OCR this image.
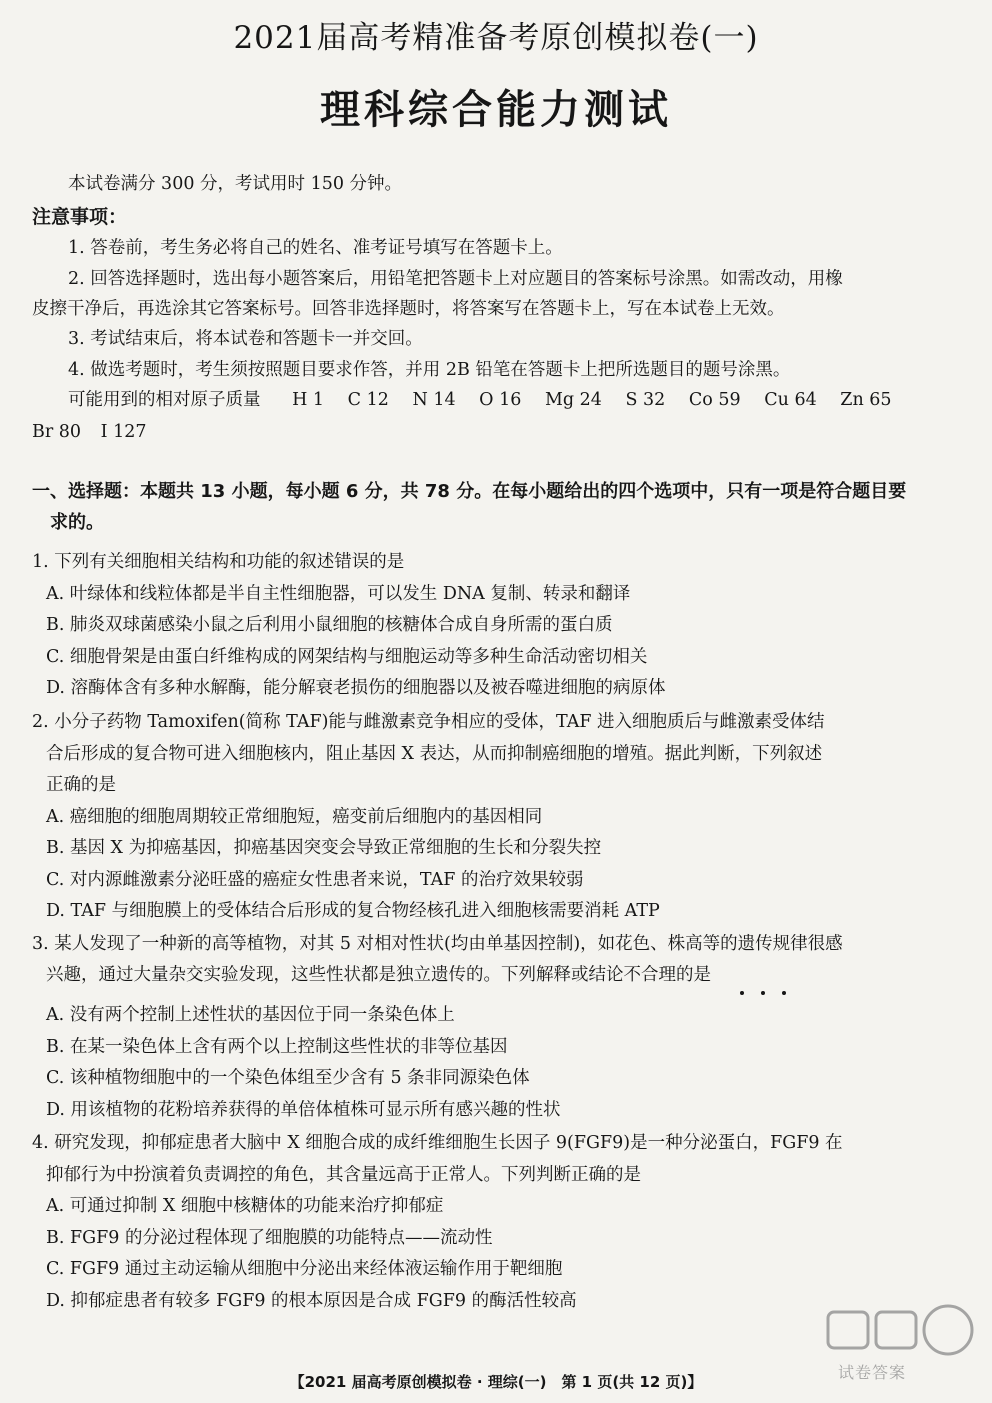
2021届高考精准备考原创模拟卷(一)
理科综合能力测试
本试卷满分 300 分，考试用时 150 分钟。
注意事项：
1. 答卷前，考生务必将自己的姓名、准考证号填写在答题卡上。
2. 回答选择题时，选出每小题答案后，用铅笔把答题卡上对应题目的答案标号涂黑。如需改动，用橡
皮擦干净后，再选涂其它答案标号。回答非选择题时，将答案写在答题卡上，写在本试卷上无效。
3. 考试结束后，将本试卷和答题卡一并交回。
4. 做选考题时，考生须按照题目要求作答，并用 2B 铅笔在答题卡上把所选题目的题号涂黑。
可能用到的相对原子质量 H 1 C 12 N 14 O 16 Mg 24 S 32 Co 59 Cu 64 Zn 65
Br 80 I 127
一、选择题：本题共 13 小题，每小题 6 分，共 78 分。在每小题给出的四个选项中，只有一项是符合题目要
求的。
1. 下列有关细胞相关结构和功能的叙述错误的是
A. 叶绿体和线粒体都是半自主性细胞器，可以发生 DNA 复制、转录和翻译
B. 肺炎双球菌感染小鼠之后利用小鼠细胞的核糖体合成自身所需的蛋白质
C. 细胞骨架是由蛋白纤维构成的网架结构与细胞运动等多种生命活动密切相关
D. 溶酶体含有多种水解酶，能分解衰老损伤的细胞器以及被吞噬进细胞的病原体
2. 小分子药物 Tamoxifen(简称 TAF)能与雌激素竞争相应的受体，TAF 进入细胞质后与雌激素受体结
合后形成的复合物可进入细胞核内，阻止基因 X 表达，从而抑制癌细胞的增殖。据此判断，下列叙述
正确的是
A. 癌细胞的细胞周期较正常细胞短，癌变前后细胞内的基因相同
B. 基因 X 为抑癌基因，抑癌基因突变会导致正常细胞的生长和分裂失控
C. 对内源雌激素分泌旺盛的癌症女性患者来说，TAF 的治疗效果较弱
D. TAF 与细胞膜上的受体结合后形成的复合物经核孔进入细胞核需要消耗 ATP
3. 某人发现了一种新的高等植物，对其 5 对相对性状(均由单基因控制)，如花色、株高等的遗传规律很感
兴趣，通过大量杂交实验发现，这些性状都是独立遗传的。下列解释或结论不合理的是
A. 没有两个控制上述性状的基因位于同一条染色体上
B. 在某一染色体上含有两个以上控制这些性状的非等位基因
C. 该种植物细胞中的一个染色体组至少含有 5 条非同源染色体
D. 用该植物的花粉培养获得的单倍体植株可显示所有感兴趣的性状
4. 研究发现，抑郁症患者大脑中 X 细胞合成的成纤维细胞生长因子 9(FGF9)是一种分泌蛋白，FGF9 在
抑郁行为中扮演着负责调控的角色，其含量远高于正常人。下列判断正确的是
A. 可通过抑制 X 细胞中核糖体的功能来治疗抑郁症
B. FGF9 的分泌过程体现了细胞膜的功能特点——流动性
C. FGF9 通过主动运输从细胞中分泌出来经体液运输作用于靶细胞
D. 抑郁症患者有较多 FGF9 的根本原因是合成 FGF9 的酶活性较高
【2021 届高考原创模拟卷 · 理综(一)　第 1 页(共 12 页)】	试卷答案
